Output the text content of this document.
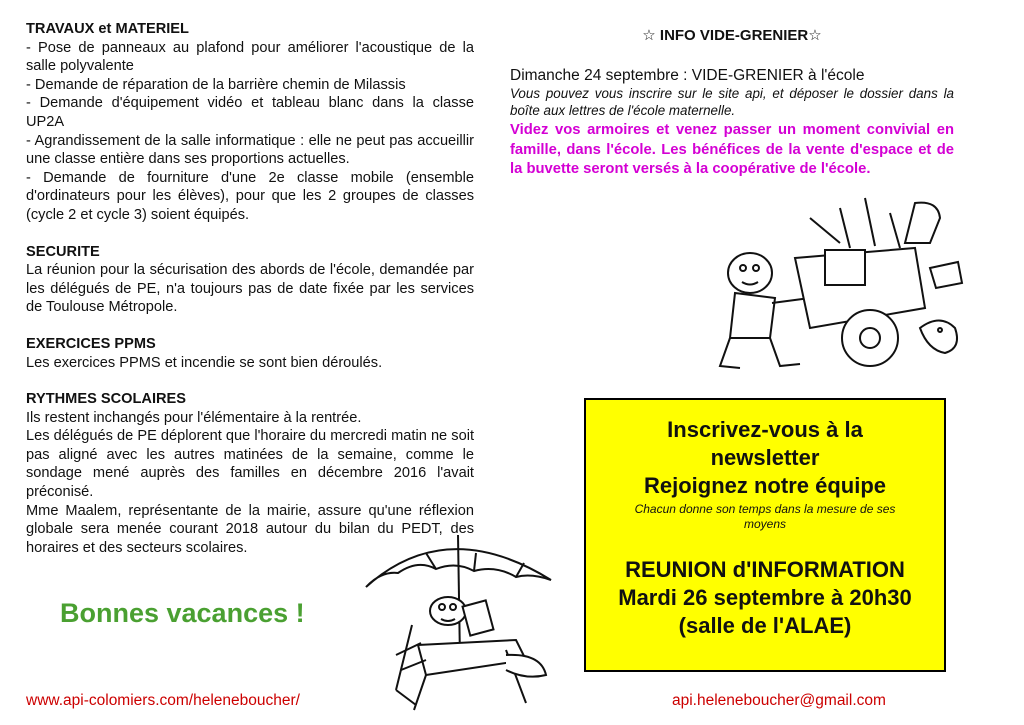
TRAVAUX et MATERIEL

- Pose de panneaux au plafond pour améliorer l'acoustique de la salle polyvalente

- Demande de réparation de la barrière chemin de Milassis

- Demande d'équipement vidéo et tableau blanc dans la classe UP2A

- Agrandissement de la salle informatique : elle ne peut pas accueillir une classe entière dans ses proportions actuelles.

- Demande de fourniture d'une 2e classe mobile (ensemble d'ordinateurs pour les élèves), pour que les 2 groupes de classes (cycle 2 et cycle 3) soient équipés.

SECURITE

La réunion pour la sécurisation des abords de l'école, demandée par les délégués de PE, n'a toujours pas de date fixée par les services de Toulouse Métropole.

EXERCICES PPMS

Les exercices PPMS et incendie se sont bien déroulés.

RYTHMES SCOLAIRES

Ils restent inchangés pour l'élémentaire à la rentrée.

Les délégués de PE déplorent que l'horaire du mercredi matin ne soit pas aligné avec les autres matinées de la semaine, comme le sondage mené auprès des familles en décembre 2016 l'avait préconisé.

Mme Maalem, représentante de la mairie, assure qu'une réflexion globale sera menée courant 2018 autour du bilan du PEDT, des horaires et des secteurs scolaires.

Bonnes vacances !
www.api-colomiers.com/heleneboucher/
☆ INFO VIDE-GRENIER☆
Dimanche 24 septembre : VIDE-GRENIER à l'école
Vous pouvez vous inscrire sur le site api, et déposer le dossier dans la boîte aux lettres de l'école maternelle.
Videz vos armoires et venez passer un moment convivial en famille, dans l'école. Les bénéfices de la vente d'espace et de la buvette seront versés à la coopérative de l'école.

Inscrivez-vous à la

newsletter

Rejoignez notre équipe

Chacun donne son temps dans la mesure de ses moyens

REUNION d'INFORMATION

Mardi 26 septembre à 20h30

(salle de l'ALAE)

api.heleneboucher@gmail.com
